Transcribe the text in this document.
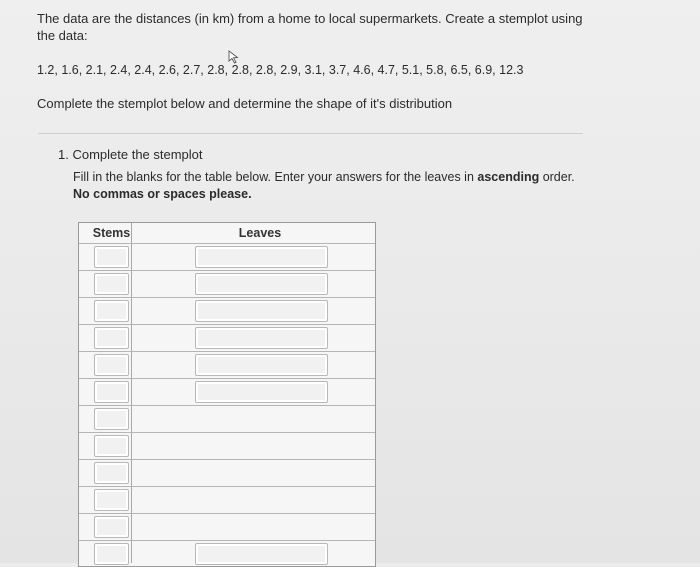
The data are the distances (in km) from a home to local supermarkets. Create a stemplot using the data:
1.2, 1.6, 2.1, 2.4, 2.4, 2.6, 2.7, 2.8, 2.8, 2.8, 2.9, 3.1, 3.7, 4.6, 4.7, 5.1, 5.8, 6.5, 6.9, 12.3
Complete the stemplot below and determine the shape of it's distribution
1. Complete the stemplot
Fill in the blanks for the table below. Enter your answers for the leaves in ascending order. No commas or spaces please.
Stems	Leaves
